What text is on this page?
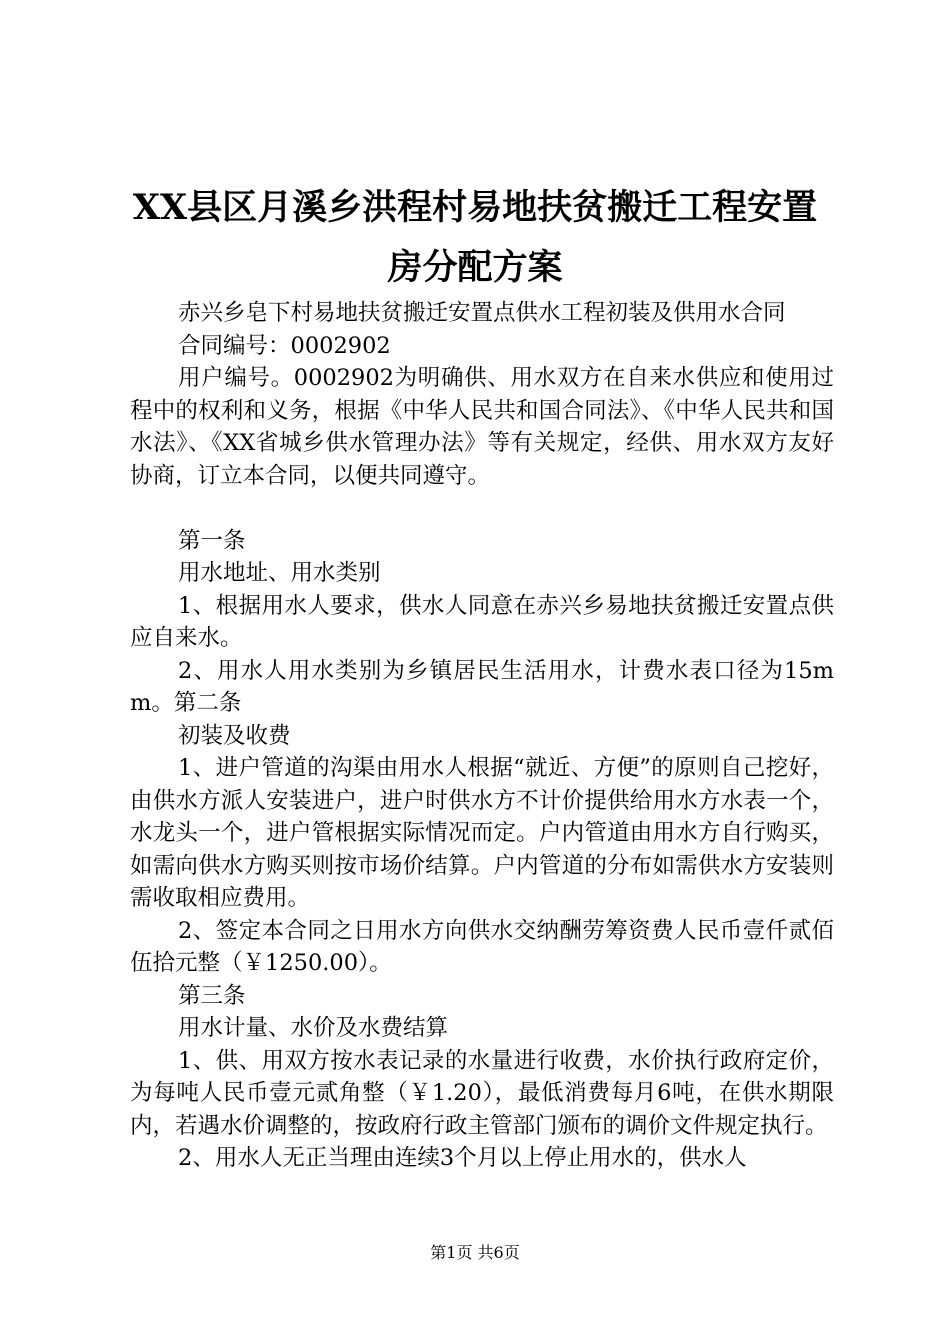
XX县区月溪乡洪程村易地扶贫搬迁工程安置
房分配方案

赤兴乡皂下村易地扶贫搬迁安置点供水工程初装及供用水合同

合同编号：0002902

用户编号。0002902为明确供、用水双方在自来水供应和使用过程中的权利和义务，根据《中华人民共和国合同法》、《中华人民共和国水法》、《XX省城乡供水管理办法》等有关规定，经供、用水双方友好协商，订立本合同，以便共同遵守。

第一条

用水地址、用水类别

1、根据用水人要求，供水人同意在赤兴乡易地扶贫搬迁安置点供应自来水。

2、用水人用水类别为乡镇居民生活用水，计费水表口径为15mm。第二条

初装及收费

1、进户管道的沟渠由用水人根据“就近、方便”的原则自己挖好，由供水方派人安装进户，进户时供水方不计价提供给用水方水表一个，水龙头一个，进户管根据实际情况而定。户内管道由用水方自行购买，如需向供水方购买则按市场价结算。户内管道的分布如需供水方安装则需收取相应费用。

2、签定本合同之日用水方向供水交纳酬劳筹资费人民币壹仟贰佰伍拾元整（￥1250.00）。

第三条

用水计量、水价及水费结算

1、供、用双方按水表记录的水量进行收费，水价执行政府定价，为每吨人民币壹元贰角整（￥1.20），最低消费每月6吨，在供水期限内，若遇水价调整的，按政府行政主管部门颁布的调价文件规定执行。

2、用水人无正当理由连续3个月以上停止用水的，供水人

第1页 共6页
